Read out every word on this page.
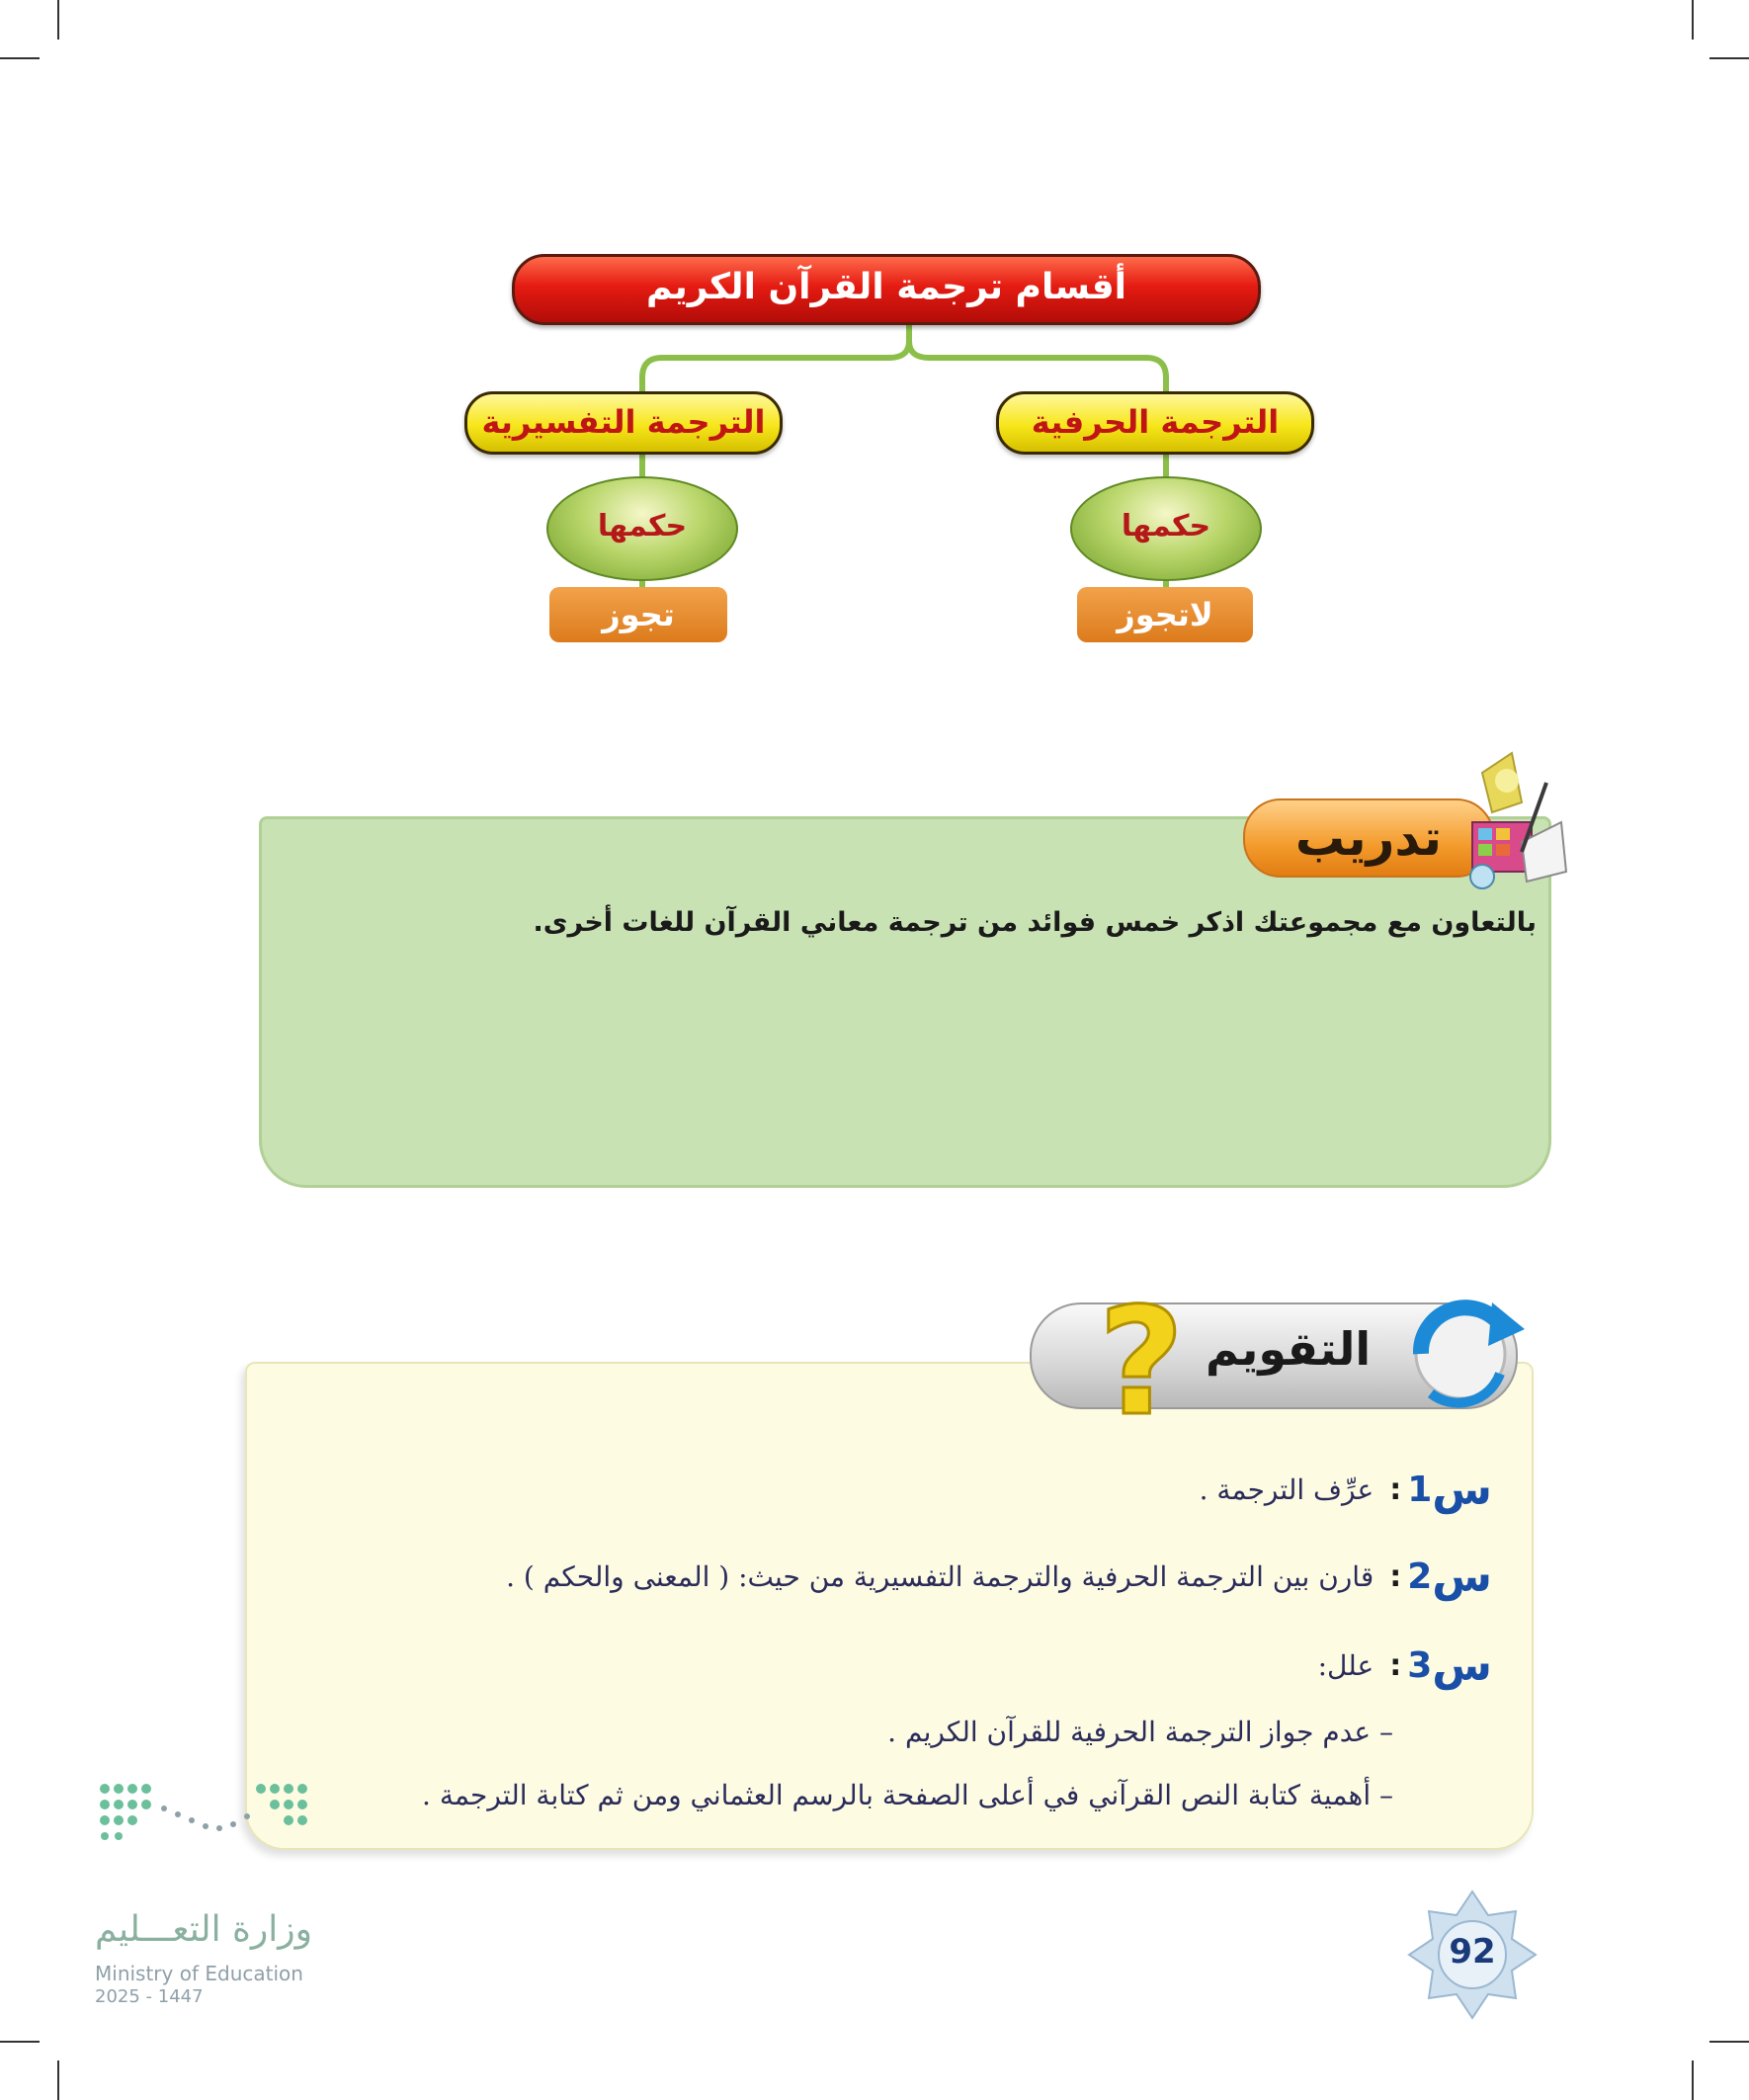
أقسام ترجمة القرآن الكريم
الترجمة الحرفية
الترجمة التفسيرية
حكمها
حكمها
لاتجوز
تجوز
تدريب
بالتعاون مع مجموعتك اذكر خمس فوائد من ترجمة معاني القرآن للغات أخرى.
التقويم
?
س
1
:
عرِّف الترجمة .
س
2
:
قارن بين الترجمة الحرفية والترجمة التفسيرية من حيث: ( المعنى والحكم ) .
س
3
:
علل:
– عدم جواز الترجمة الحرفية للقرآن الكريم .
– أهمية كتابة النص القرآني في أعلى الصفحة بالرسم العثماني ومن ثم كتابة الترجمة .
92
وزارة التعـــليم
Ministry of Education
2025 - 1447
